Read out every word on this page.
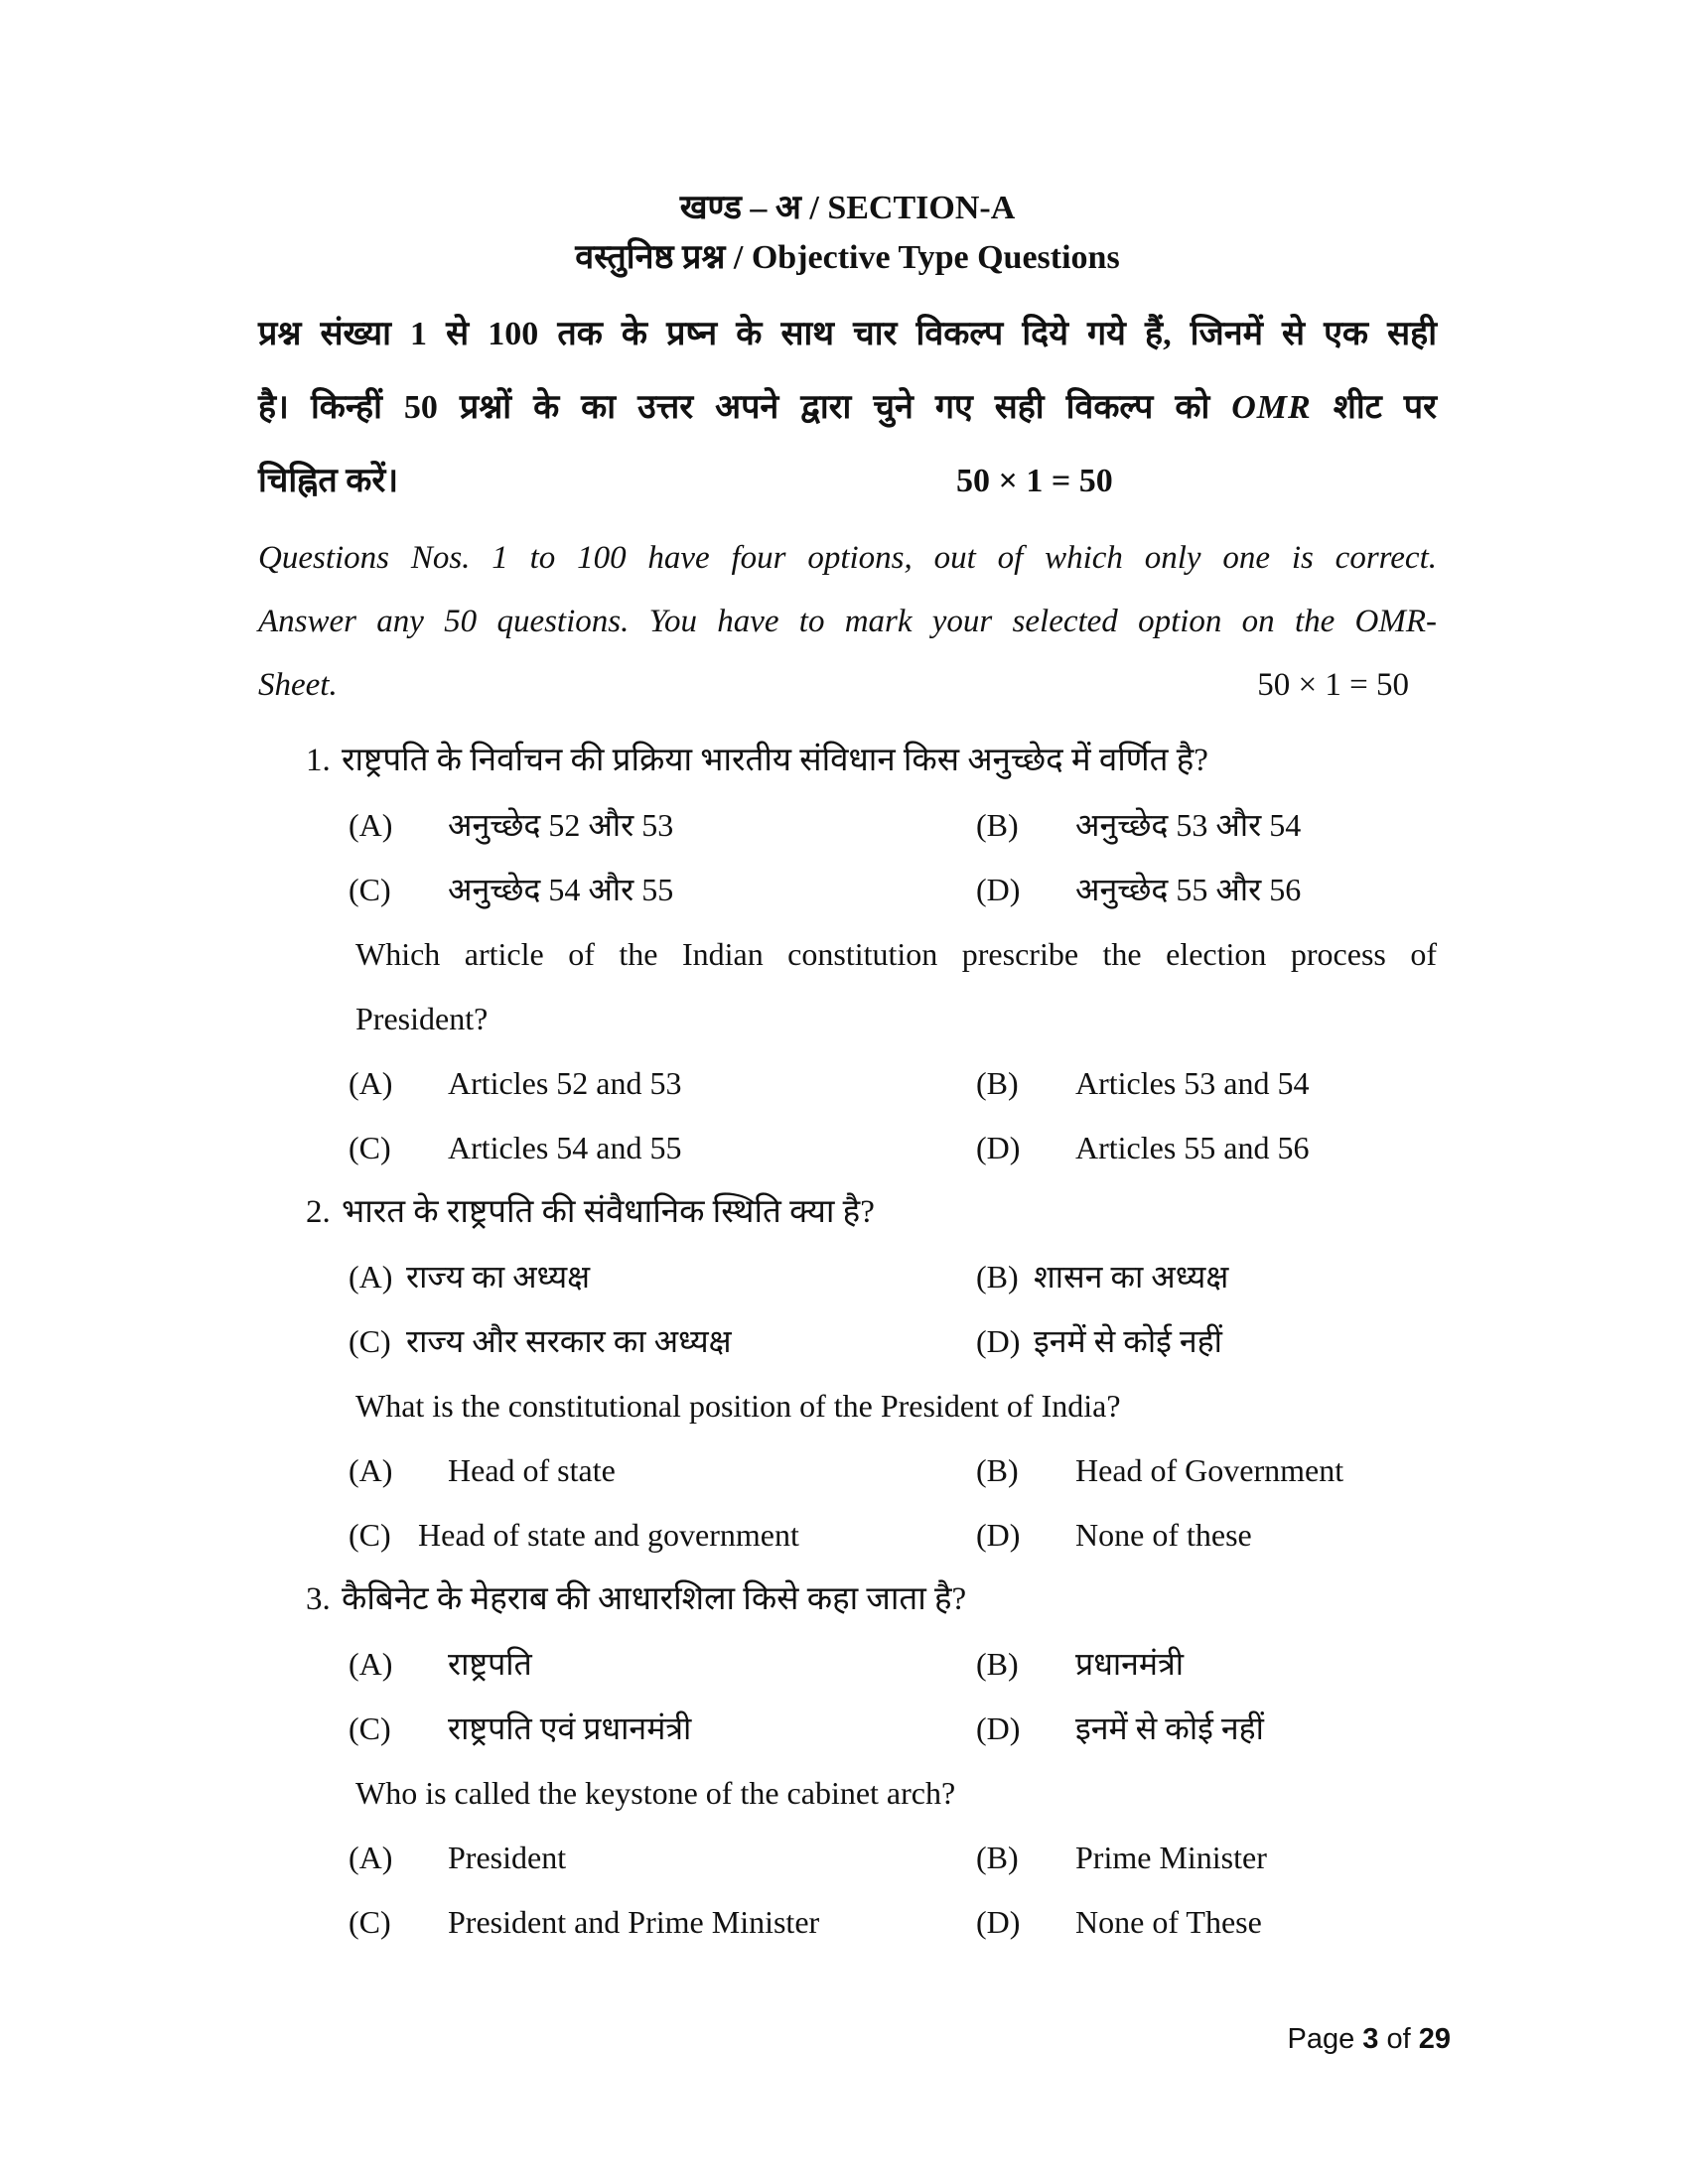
खण्ड – अ / SECTION-A
वस्तुनिष्ठ प्रश्न / Objective Type Questions
प्रश्न संख्या 1 से 100 तक के प्रष्न के साथ चार विकल्प दिये गये हैं, जिनमें से एक सही
है। किन्हीं 50 प्रश्नों के का उत्तर अपने द्वारा चुने गए सही विकल्प को OMR शीट पर
चिह्नित करें।	50 × 1 = 50
Questions Nos. 1 to 100 have four options, out of which only one is correct.
Answer any 50 questions. You have to mark your selected option on the OMR-
Sheet.	50 × 1 = 50
1. राष्ट्रपति के निर्वाचन की प्रक्रिया भारतीय संविधान किस अनुच्छेद में वर्णित है?
(A) अनुच्छेद 52 और 53	(B) अनुच्छेद 53 और 54
(C) अनुच्छेद 54 और 55	(D) अनुच्छेद 55 और 56
Which article of the Indian constitution prescribe the election process of
President?
(A) Articles 52 and 53	(B) Articles 53 and 54
(C) Articles 54 and 55	(D) Articles 55 and 56
2. भारत के राष्ट्रपति की संवैधानिक स्थिति क्या है?
(A) राज्य का अध्यक्ष	(B) शासन का अध्यक्ष
(C) राज्य और सरकार का अध्यक्ष	(D) इनमें से कोई नहीं
What is the constitutional position of the President of India?
(A) Head of state	(B) Head of Government
(C) Head of state and government	(D) None of these
3. कैबिनेट के मेहराब की आधारशिला किसे कहा जाता है?
(A) राष्ट्रपति	(B) प्रधानमंत्री
(C) राष्ट्रपति एवं प्रधानमंत्री	(D) इनमें से कोई नहीं
Who is called the keystone of the cabinet arch?
(A) President	(B) Prime Minister
(C) President and Prime Minister	(D) None of These
Page 3 of 29
